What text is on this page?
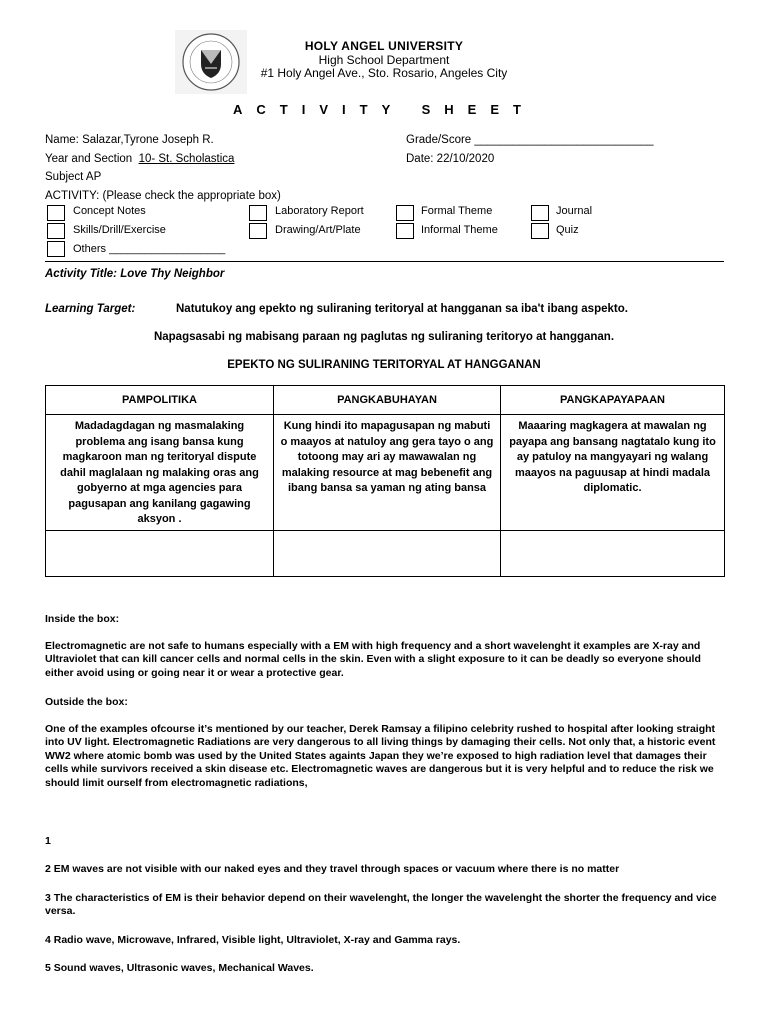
HOLY ANGEL UNIVERSITY
High School Department
#1 Holy Angel Ave., Sto. Rosario, Angeles City
ACTIVITY SHEET
Name: Salazar,Tyrone Joseph R.	Grade/Score ____________________________
Year and Section 10- St. Scholastica	Date: 22/10/2020
Subject AP
ACTIVITY: (Please check the appropriate box)
Concept Notes	Laboratory Report	Formal Theme	Journal
Skills/Drill/Exercise	Drawing/Art/Plate	Informal Theme	Quiz
Others ___________________
Activity Title: Love Thy Neighbor
Learning Target:	Natutukoy ang epekto ng suliraning teritoryal at hangganan sa iba't ibang aspekto.
Napagsasabi ng mabisang paraan ng paglutas ng suliraning teritoryo at hangganan.
EPEKTO NG SULIRANING TERITORYAL AT HANGGANAN
PAMPOLITIKA	PANGKABUHAYAN	PANGKAPAYAPAAN
Madadagdagan ng masmalaking problema ang isang bansa kung magkaroon man ng teritoryal dispute dahil maglalaan ng malaking oras ang gobyerno at mga agencies para pagusapan ang kanilang gagawing aksyon .	Kung hindi ito mapagusapan ng mabuti o maayos at natuloy ang gera tayo o ang totoong may ari ay mawawalan ng malaking resource at mag bebenefit ang ibang bansa sa yaman ng ating bansa	Maaaring magkagera at mawalan ng payapa ang bansang nagtatalo kung ito ay patuloy na mangyayari ng walang maayos na paguusap at hindi madala diplomatic.

Inside the box:
Electromagnetic are not safe to humans especially with a EM with high frequency and a short wavelenght it examples are X-ray and Ultraviolet that can kill cancer cells and normal cells in the skin. Even with a slight exposure to it can be deadly so everyone should either avoid using or going near it or wear a protective gear.
Outside the box:
One of the examples ofcourse it’s mentioned by our teacher, Derek Ramsay a filipino celebrity rushed to hospital after looking straight into UV light. Electromagnetic Radiations are very dangerous to all living things by damaging their cells. Not only that, a historic event WW2 where atomic bomb was used by the United States againts Japan they we’re exposed to high radiation level that damages their cells while survivors received a skin disease etc. Electromagnetic waves are dangerous but it is very helpful and to reduce the risk we should limit ourself from electromagnetic radiations,
1
2 EM waves are not visible with our naked eyes and they travel through spaces or vacuum where there is no matter
3 The characteristics of EM is their behavior depend on their wavelenght, the longer the wavelenght the shorter the frequency and vice versa.
4 Radio wave, Microwave, Infrared, Visible light, Ultraviolet, X-ray and Gamma rays.
5 Sound waves, Ultrasonic waves, Mechanical Waves.
